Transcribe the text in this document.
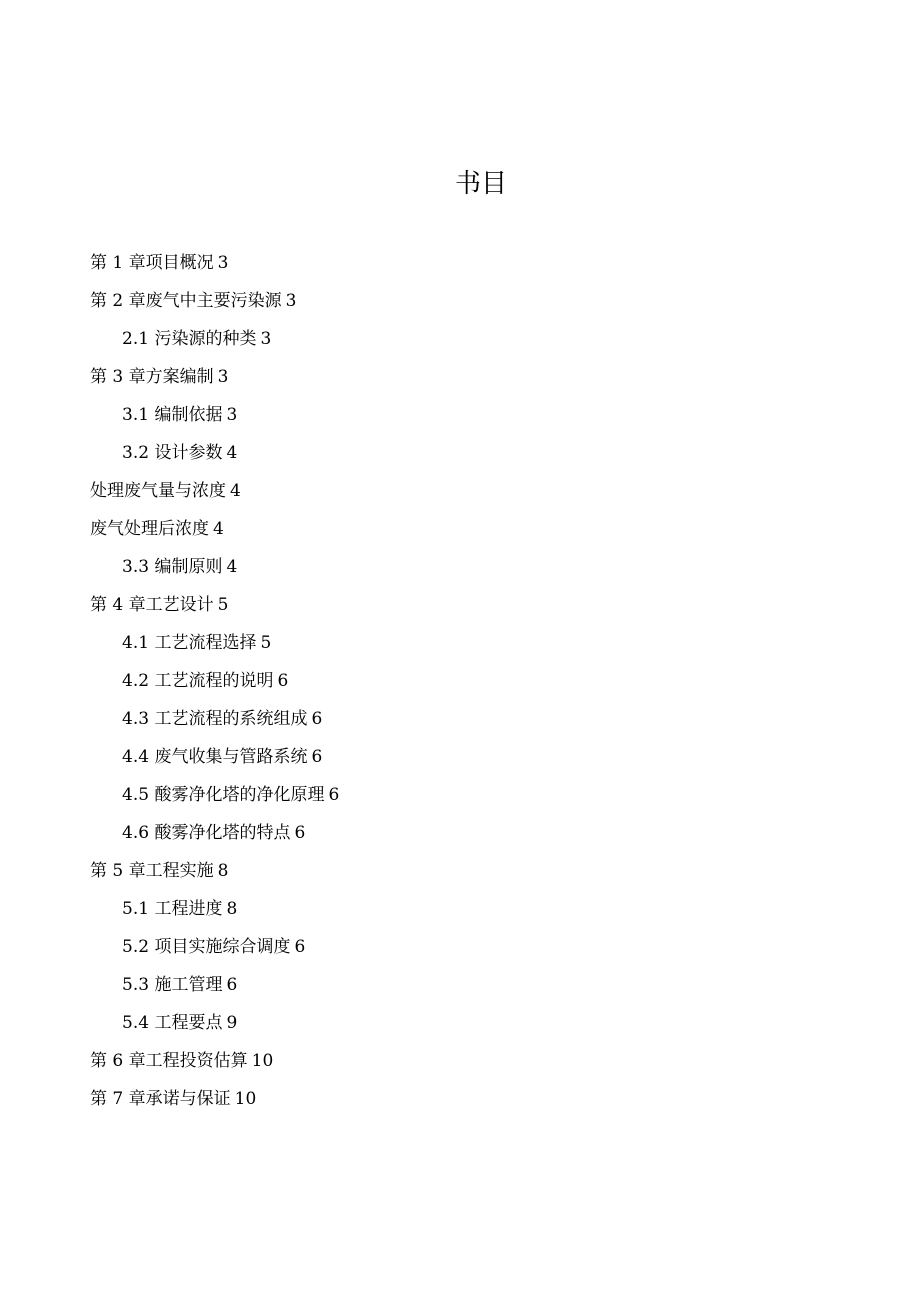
书目
第 1 章项目概况 3
第 2 章废气中主要污染源 3
2.1 污染源的种类 3
第 3 章方案编制 3
3.1 编制依据 3
3.2 设计参数 4
处理废气量与浓度 4
废气处理后浓度 4
3.3 编制原则 4
第 4 章工艺设计 5
4.1 工艺流程选择 5
4.2 工艺流程的说明 6
4.3 工艺流程的系统组成 6
4.4 废气收集与管路系统 6
4.5 酸雾净化塔的净化原理 6
4.6 酸雾净化塔的特点 6
第 5 章工程实施 8
5.1 工程进度 8
5.2 项目实施综合调度 6
5.3 施工管理 6
5.4 工程要点 9
第 6 章工程投资估算 10
第 7 章承诺与保证 10
